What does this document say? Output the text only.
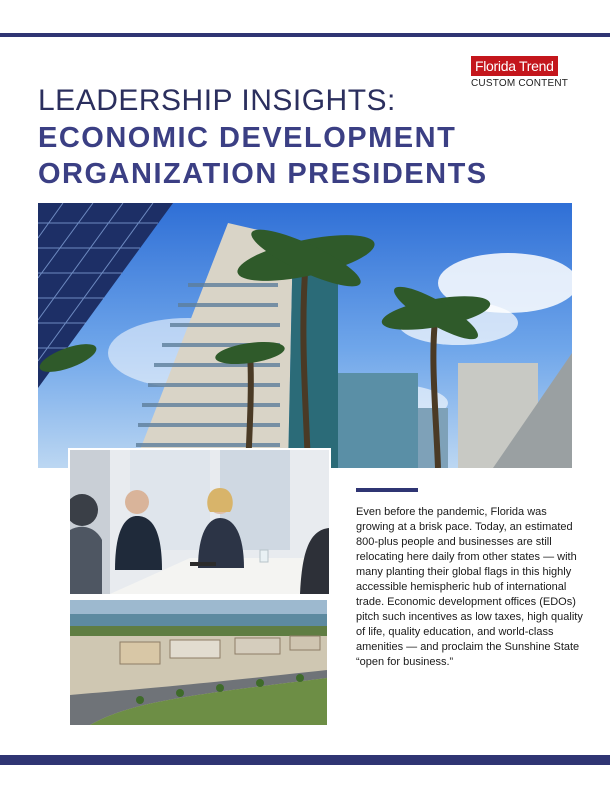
Florida Trend
CUSTOM CONTENT
LEADERSHIP INSIGHTS:
ECONOMIC DEVELOPMENT ORGANIZATION PRESIDENTS

Even before the pandemic, Florida was growing at a brisk pace. Today, an estimated 800-plus people and businesses are still relocating here daily from other states — with many planting their global flags in this highly accessible hemispheric hub of international trade. Economic development offices (EDOs) pitch such incentives as low taxes, high quality of life, quality education, and world-class amenities — and proclaim the Sunshine State “open for business.”
